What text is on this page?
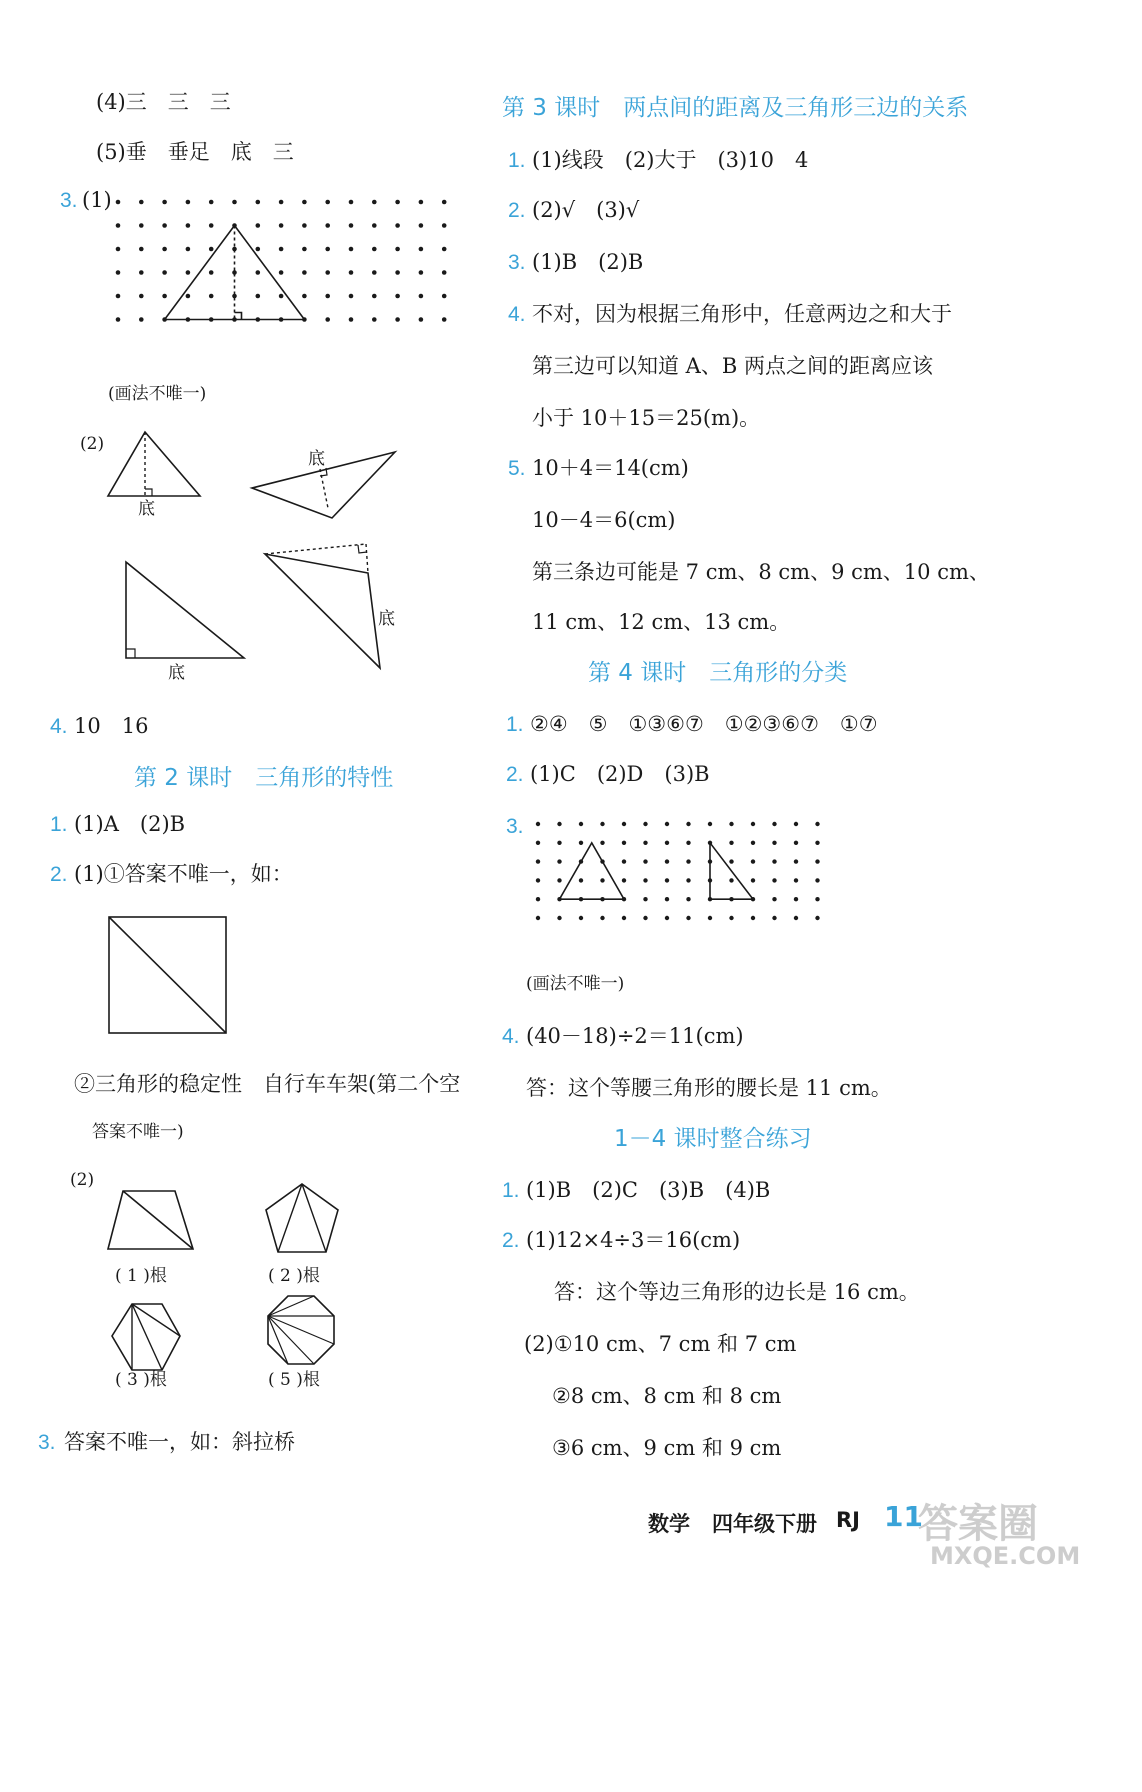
(4)三　三　三
(5)垂　垂足　底　三
3. (1)
(画法不唯一)
(2)
底
底
底
底
4. 10　16
第 2 课时　三角形的特性
1. (1)A　(2)B
2. (1)①答案不唯一，如：
②三角形的稳定性　自行车车架(第二个空
答案不唯一)
(2)
( 1 )根	( 2 )根
( 3 )根	( 5 )根
3. 答案不唯一，如：斜拉桥
第 3 课时　两点间的距离及三角形三边的关系
1. (1)线段　(2)大于　(3)10　4
2. (2)√　(3)√
3. (1)B　(2)B
4. 不对，因为根据三角形中，任意两边之和大于
第三边可以知道 A、B 两点之间的距离应该
小于 10＋15＝25(m)。
5. 10＋4＝14(cm)
10－4＝6(cm)
第三条边可能是 7 cm、8 cm、9 cm、10 cm、
11 cm、12 cm、13 cm。
第 4 课时　三角形的分类
1. ②④　⑤　①③⑥⑦　①②③⑥⑦　①⑦
2. (1)C　(2)D　(3)B
3.
(画法不唯一)
4. (40－18)÷2＝11(cm)
答：这个等腰三角形的腰长是 11 cm。
1－4 课时整合练习
1. (1)B　(2)C　(3)B　(4)B
2. (1)12×4÷3＝16(cm)
答：这个等边三角形的边长是 16 cm。
(2)①10 cm、7 cm 和 7 cm
②8 cm、8 cm 和 8 cm
③6 cm、9 cm 和 9 cm
数学 四年级下册 RJ 11
答案圈
MXQE.COM
